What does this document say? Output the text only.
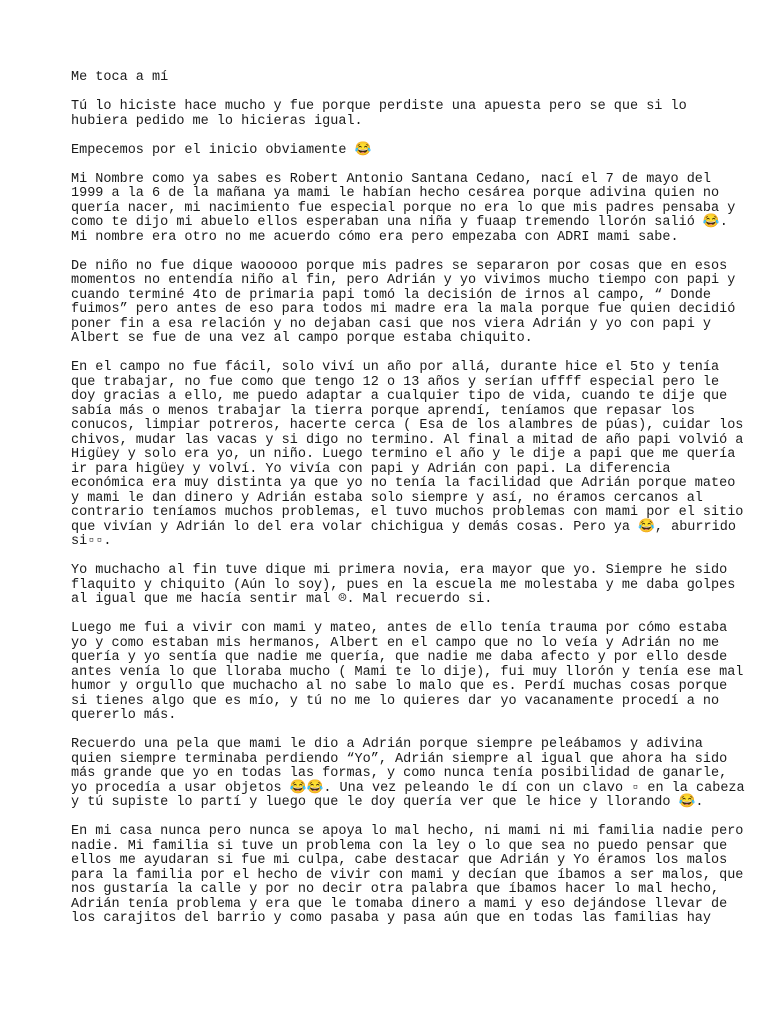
Me toca a mí

Tú lo hiciste hace mucho y fue porque perdiste una apuesta pero se que si lo
hubiera pedido me lo hicieras igual.

Empecemos por el inicio obviamente 😂

Mi Nombre como ya sabes es Robert Antonio Santana Cedano, nací el 7 de mayo del
1999 a la 6 de la mañana ya mami le habían hecho cesárea porque adivina quien no
quería nacer, mi nacimiento fue especial porque no era lo que mis padres pensaba y
como te dijo mi abuelo ellos esperaban una niña y fuaap tremendo llorón salió 😂.
Mi nombre era otro no me acuerdo cómo era pero empezaba con ADRI mami sabe.

De niño no fue dique waooooo porque mis padres se separaron por cosas que en esos
momentos no entendía niño al fin, pero Adrián y yo vivimos mucho tiempo con papi y
cuando terminé 4to de primaria papi tomó la decisión de irnos al campo, “ Donde
fuimos” pero antes de eso para todos mi madre era la mala porque fue quien decidió
poner fin a esa relación y no dejaban casi que nos viera Adrián y yo con papi y
Albert se fue de una vez al campo porque estaba chiquito.

En el campo no fue fácil, solo viví un año por allá, durante hice el 5to y tenía
que trabajar, no fue como que tengo 12 o 13 años y serían uffff especial pero le
doy gracias a ello, me puedo adaptar a cualquier tipo de vida, cuando te dije que
sabía más o menos trabajar la tierra porque aprendí, teníamos que repasar los
conucos, limpiar potreros, hacerte cerca ( Esa de los alambres de púas), cuidar los
chivos, mudar las vacas y si digo no termino. Al final a mitad de año papi volvió a
Higüey y solo era yo, un niño. Luego termino el año y le dije a papi que me quería
ir para higüey y volví. Yo vivía con papi y Adrián con papi. La diferencia
económica era muy distinta ya que yo no tenía la facilidad que Adrián porque mateo
y mami le dan dinero y Adrián estaba solo siempre y así, no éramos cercanos al
contrario teníamos muchos problemas, el tuvo muchos problemas con mami por el sitio
que vivían y Adrián lo del era volar chichigua y demás cosas. Pero ya 😂, aburrido
si▫▫.

Yo muchacho al fin tuve dique mi primera novia, era mayor que yo. Siempre he sido
flaquito y chiquito (Aún lo soy), pues en la escuela me molestaba y me daba golpes
al igual que me hacía sentir mal ☹. Mal recuerdo si.

Luego me fui a vivir con mami y mateo, antes de ello tenía trauma por cómo estaba
yo y como estaban mis hermanos, Albert en el campo que no lo veía y Adrián no me
quería y yo sentía que nadie me quería, que nadie me daba afecto y por ello desde
antes venía lo que lloraba mucho ( Mami te lo dije), fui muy llorón y tenía ese mal
humor y orgullo que muchacho al no sabe lo malo que es. Perdí muchas cosas porque
si tienes algo que es mío, y tú no me lo quieres dar yo vacanamente procedí a no
quererlo más.

Recuerdo una pela que mami le dio a Adrián porque siempre peleábamos y adivina
quien siempre terminaba perdiendo “Yo”, Adrián siempre al igual que ahora ha sido
más grande que yo en todas las formas, y como nunca tenía posibilidad de ganarle,
yo procedía a usar objetos 😂😂. Una vez peleando le dí con un clavo ▫ en la cabeza
y tú supiste lo partí y luego que le doy quería ver que le hice y llorando 😂.

En mi casa nunca pero nunca se apoya lo mal hecho, ni mami ni mi familia nadie pero
nadie. Mi familia si tuve un problema con la ley o lo que sea no puedo pensar que
ellos me ayudaran si fue mi culpa, cabe destacar que Adrián y Yo éramos los malos
para la familia por el hecho de vivir con mami y decían que íbamos a ser malos, que
nos gustaría la calle y por no decir otra palabra que íbamos hacer lo mal hecho,
Adrián tenía problema y era que le tomaba dinero a mami y eso dejándose llevar de
los carajitos del barrio y como pasaba y pasa aún que en todas las familias hay
